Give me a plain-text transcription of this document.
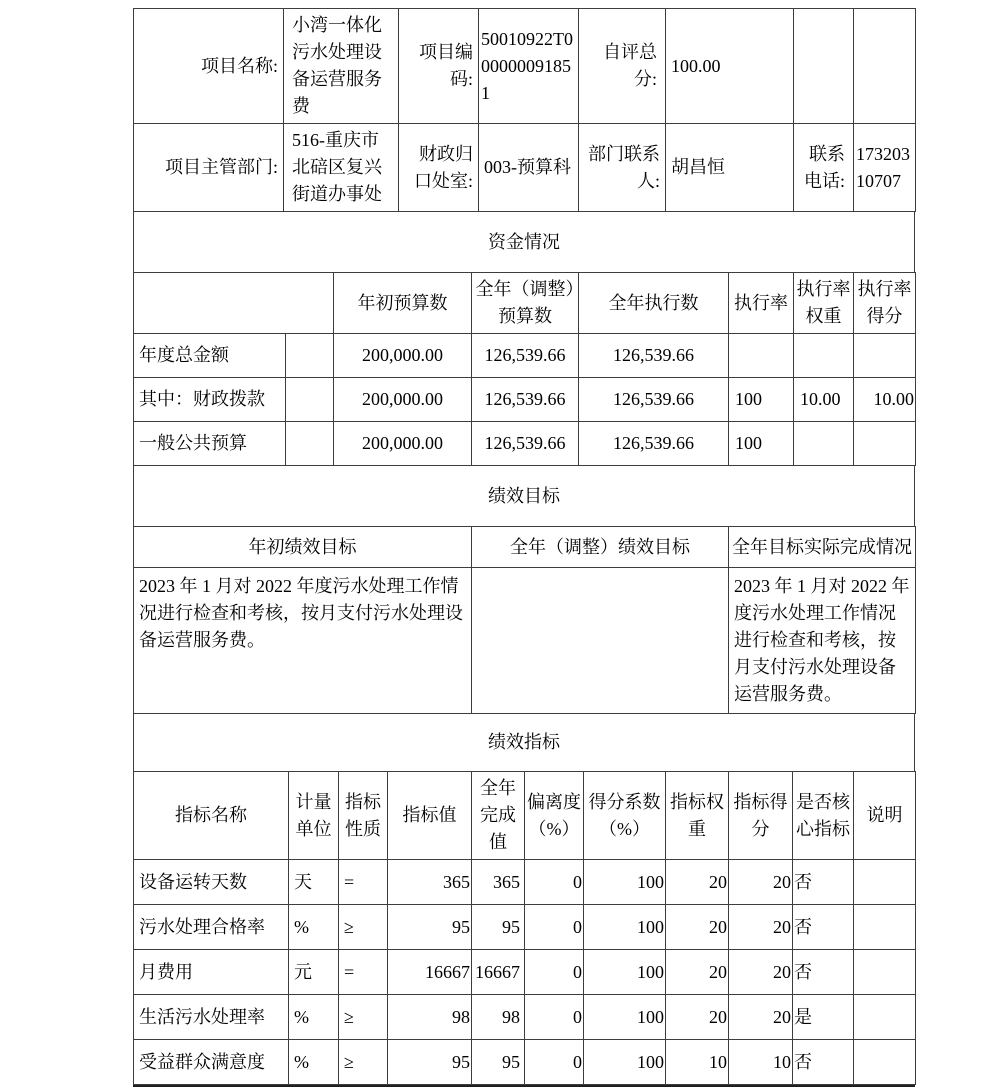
项目名称:	小湾一体化污水处理设备运营服务费	项目编码:	50010922T000000091851	自评总分:	100.00		
项目主管部门:	516-重庆市北碚区复兴街道办事处	财政归口处室:	003-预算科	部门联系人:	胡昌恒	联系电话:	17320310707
资金情况
		年初预算数	全年（调整）预算数	全年执行数	执行率	执行率权重	执行率得分
年度总金额		200,000.00	126,539.66	126,539.66			
其中：财政拨款		200,000.00	126,539.66	126,539.66	100	10.00	10.00
一般公共预算		200,000.00	126,539.66	126,539.66	100		
绩效目标
年初绩效目标	全年（调整）绩效目标	全年目标实际完成情况
2023 年 1 月对 2022 年度污水处理工作情况进行检查和考核，按月支付污水处理设备运营服务费。		2023 年 1 月对 2022 年度污水处理工作情况进行检查和考核，按月支付污水处理设备运营服务费。
绩效指标
指标名称	计量单位	指标性质	指标值	全年完成值	偏离度（%）	得分系数（%）	指标权重	指标得分	是否核心指标	说明
设备运转天数	天	=	365	365	0	100	20	20	否	
污水处理合格率	%	≥	95	95	0	100	20	20	否	
月费用	元	=	16667	16667	0	100	20	20	否	
生活污水处理率	%	≥	98	98	0	100	20	20	是	
受益群众满意度	%	≥	95	95	0	100	10	10	否	
